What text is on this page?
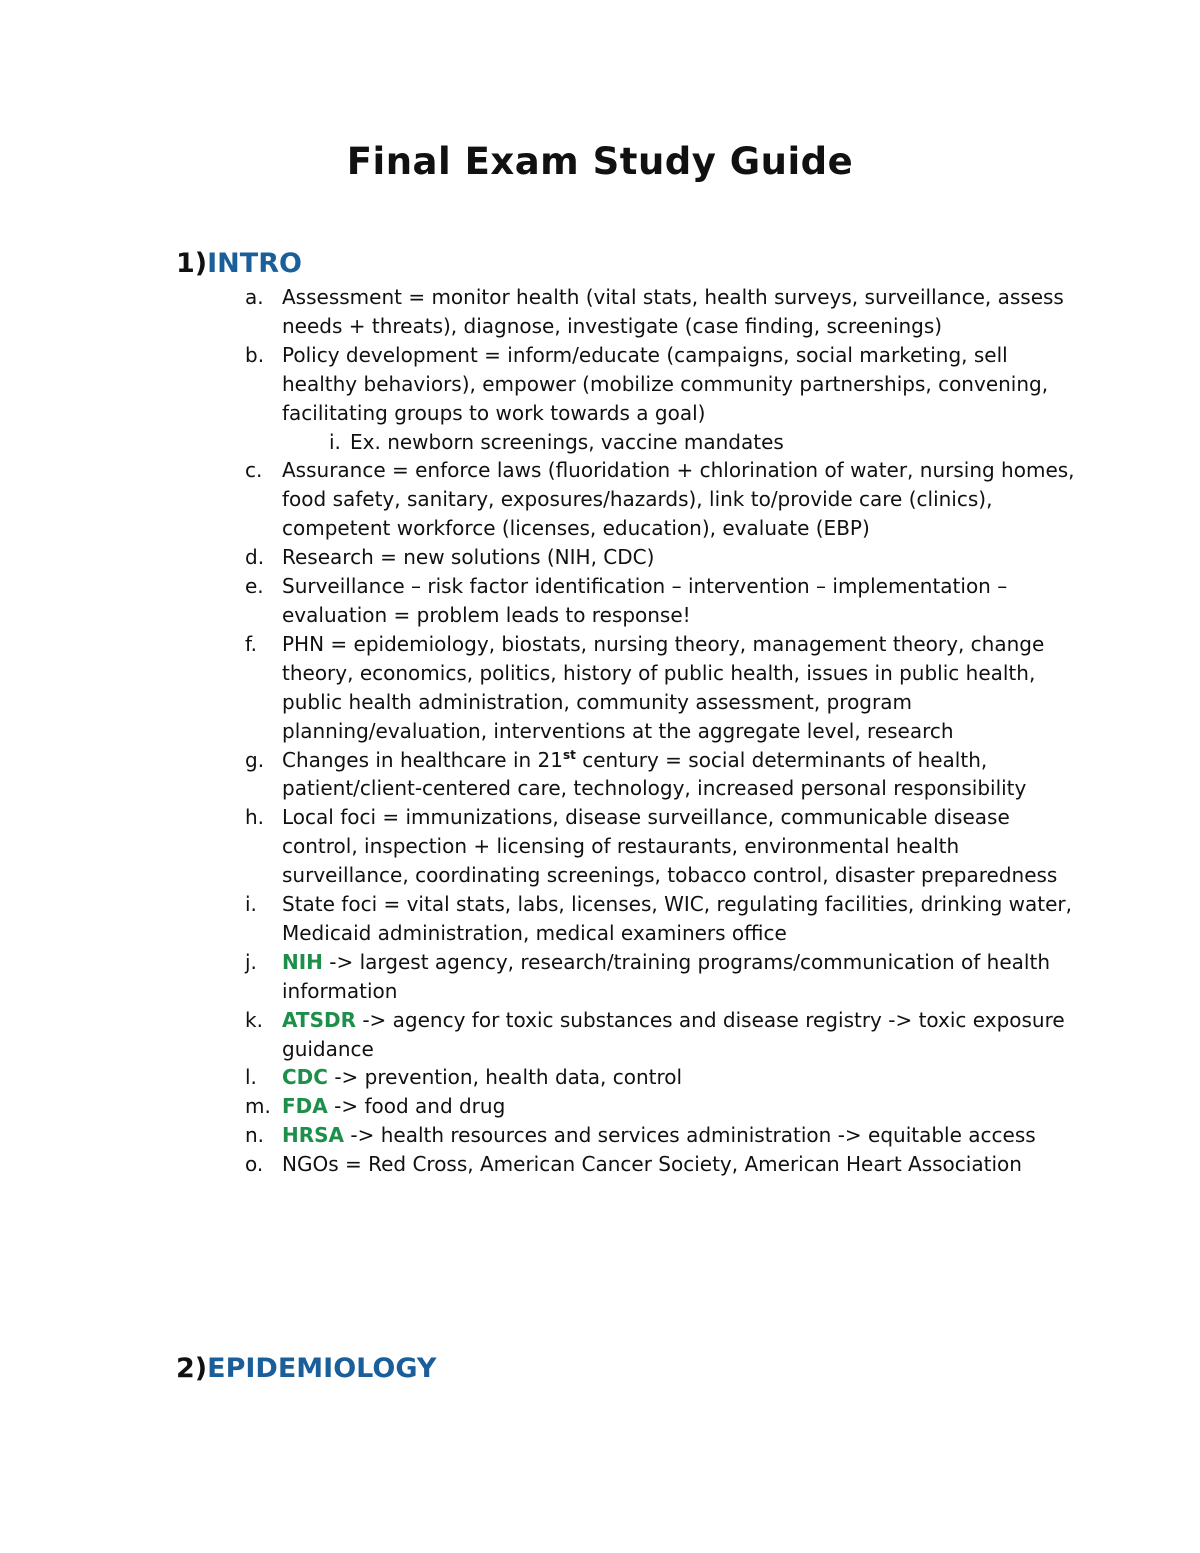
Final Exam Study Guide
1)INTRO
a. Assessment = monitor health (vital stats, health surveys, surveillance, assess needs + threats), diagnose, investigate (case finding, screenings)
b. Policy development = inform/educate (campaigns, social marketing, sell healthy behaviors), empower (mobilize community partnerships, convening, facilitating groups to work towards a goal)
i. Ex. newborn screenings, vaccine mandates
c. Assurance = enforce laws (fluoridation + chlorination of water, nursing homes, food safety, sanitary, exposures/hazards), link to/provide care (clinics), competent workforce (licenses, education), evaluate (EBP)
d. Research = new solutions (NIH, CDC)
e. Surveillance – risk factor identification – intervention – implementation – evaluation = problem leads to response!
f. PHN = epidemiology, biostats, nursing theory, management theory, change theory, economics, politics, history of public health, issues in public health, public health administration, community assessment, program planning/evaluation, interventions at the aggregate level, research
g. Changes in healthcare in 21st century = social determinants of health, patient/client-centered care, technology, increased personal responsibility
h. Local foci = immunizations, disease surveillance, communicable disease control, inspection + licensing of restaurants, environmental health surveillance, coordinating screenings, tobacco control, disaster preparedness
i. State foci = vital stats, labs, licenses, WIC, regulating facilities, drinking water, Medicaid administration, medical examiners office
j. NIH -> largest agency, research/training programs/communication of health information
k. ATSDR -> agency for toxic substances and disease registry -> toxic exposure guidance
l. CDC -> prevention, health data, control
m. FDA -> food and drug
n. HRSA -> health resources and services administration -> equitable access
o. NGOs = Red Cross, American Cancer Society, American Heart Association
2)EPIDEMIOLOGY
